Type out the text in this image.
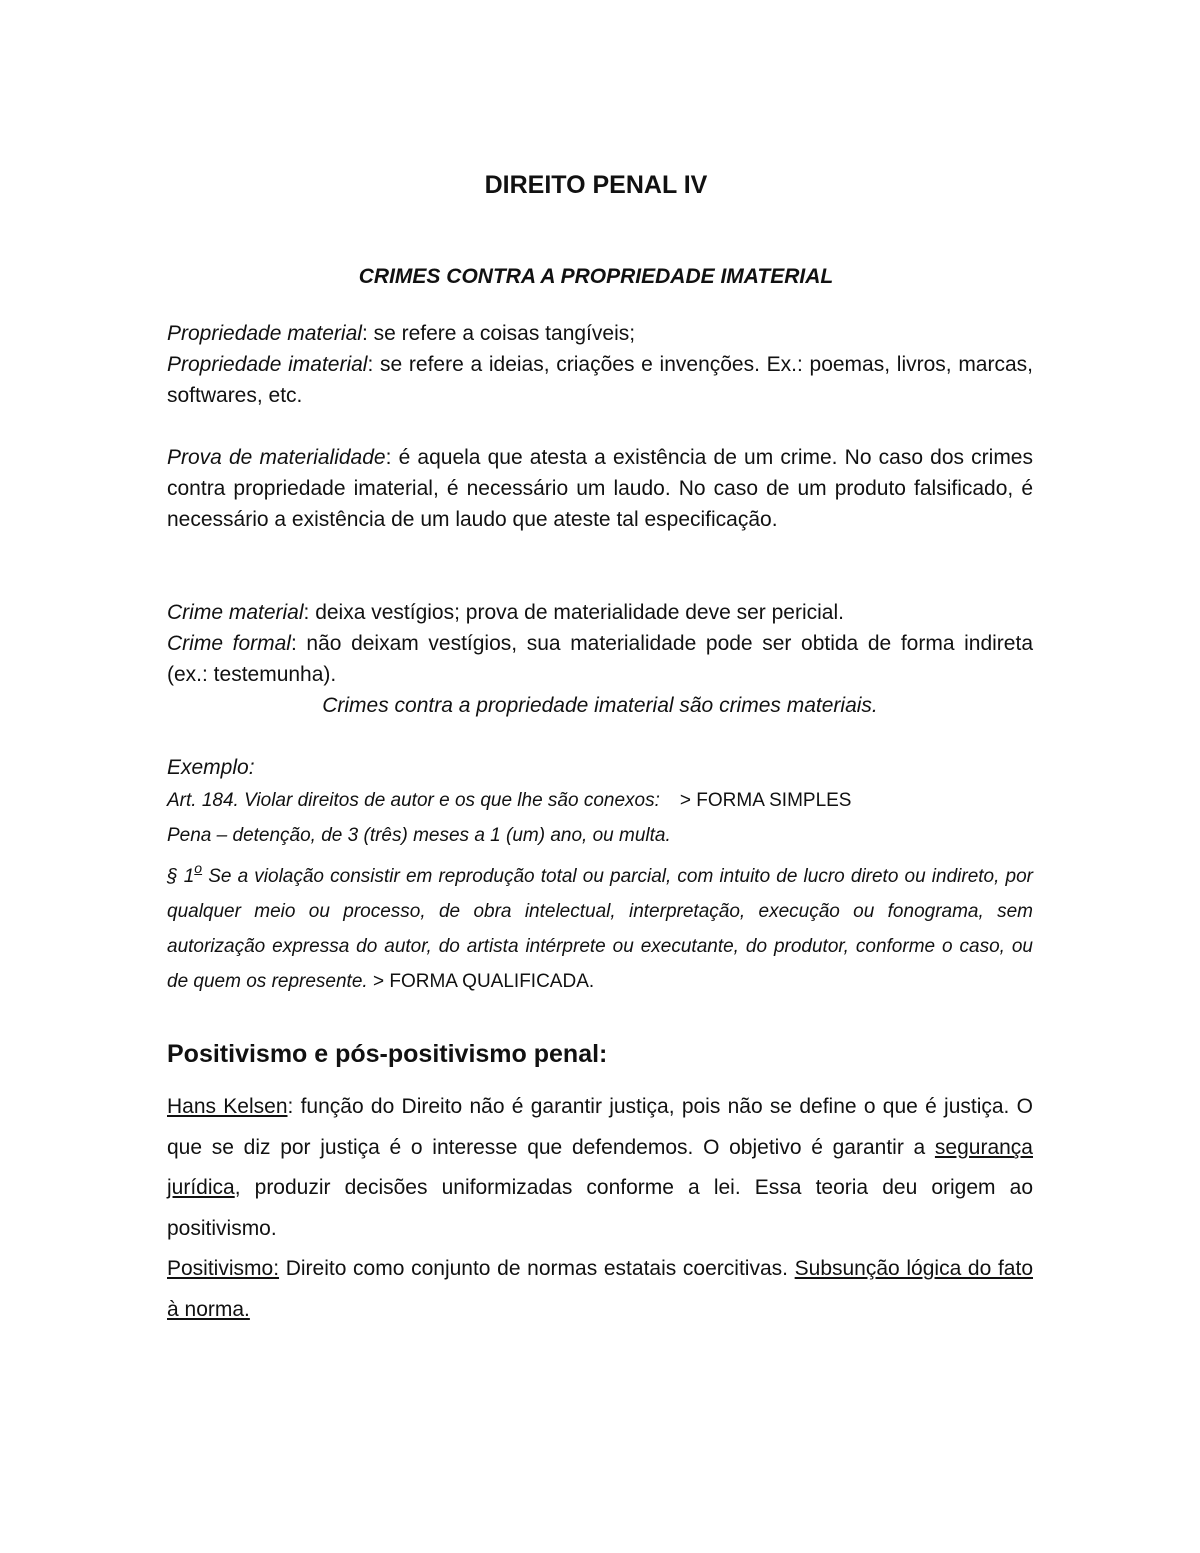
DIREITO PENAL IV
CRIMES CONTRA A PROPRIEDADE IMATERIAL

Propriedade material: se refere a coisas tangíveis;

Propriedade imaterial: se refere a ideias, criações e invenções. Ex.: poemas, livros, marcas, softwares, etc.

Prova de materialidade: é aquela que atesta a existência de um crime. No caso dos crimes contra propriedade imaterial, é necessário um laudo. No caso de um produto falsificado, é necessário a existência de um laudo que ateste tal especificação.

Crime material: deixa vestígios; prova de materialidade deve ser pericial.

Crime formal: não deixam vestígios, sua materialidade pode ser obtida de forma indireta (ex.: testemunha).

Crimes contra a propriedade imaterial são crimes materiais.

Exemplo:

Art. 184. Violar direitos de autor e os que lhe são conexos: > FORMA SIMPLES

Pena – detenção, de 3 (três) meses a 1 (um) ano, ou multa.

§ 1$^o$ Se a violação consistir em reprodução total ou parcial, com intuito de lucro direto ou indireto, por qualquer meio ou processo, de obra intelectual, interpretação, execução ou fonograma, sem autorização expressa do autor, do artista intérprete ou executante, do produtor, conforme o caso, ou de quem os represente. > FORMA QUALIFICADA.

Positivismo e pós-positivismo penal:

Hans Kelsen: função do Direito não é garantir justiça, pois não se define o que é justiça. O que se diz por justiça é o interesse que defendemos. O objetivo é garantir a segurança jurídica, produzir decisões uniformizadas conforme a lei. Essa teoria deu origem ao positivismo.

Positivismo: Direito como conjunto de normas estatais coercitivas. Subsunção lógica do fato à norma.
